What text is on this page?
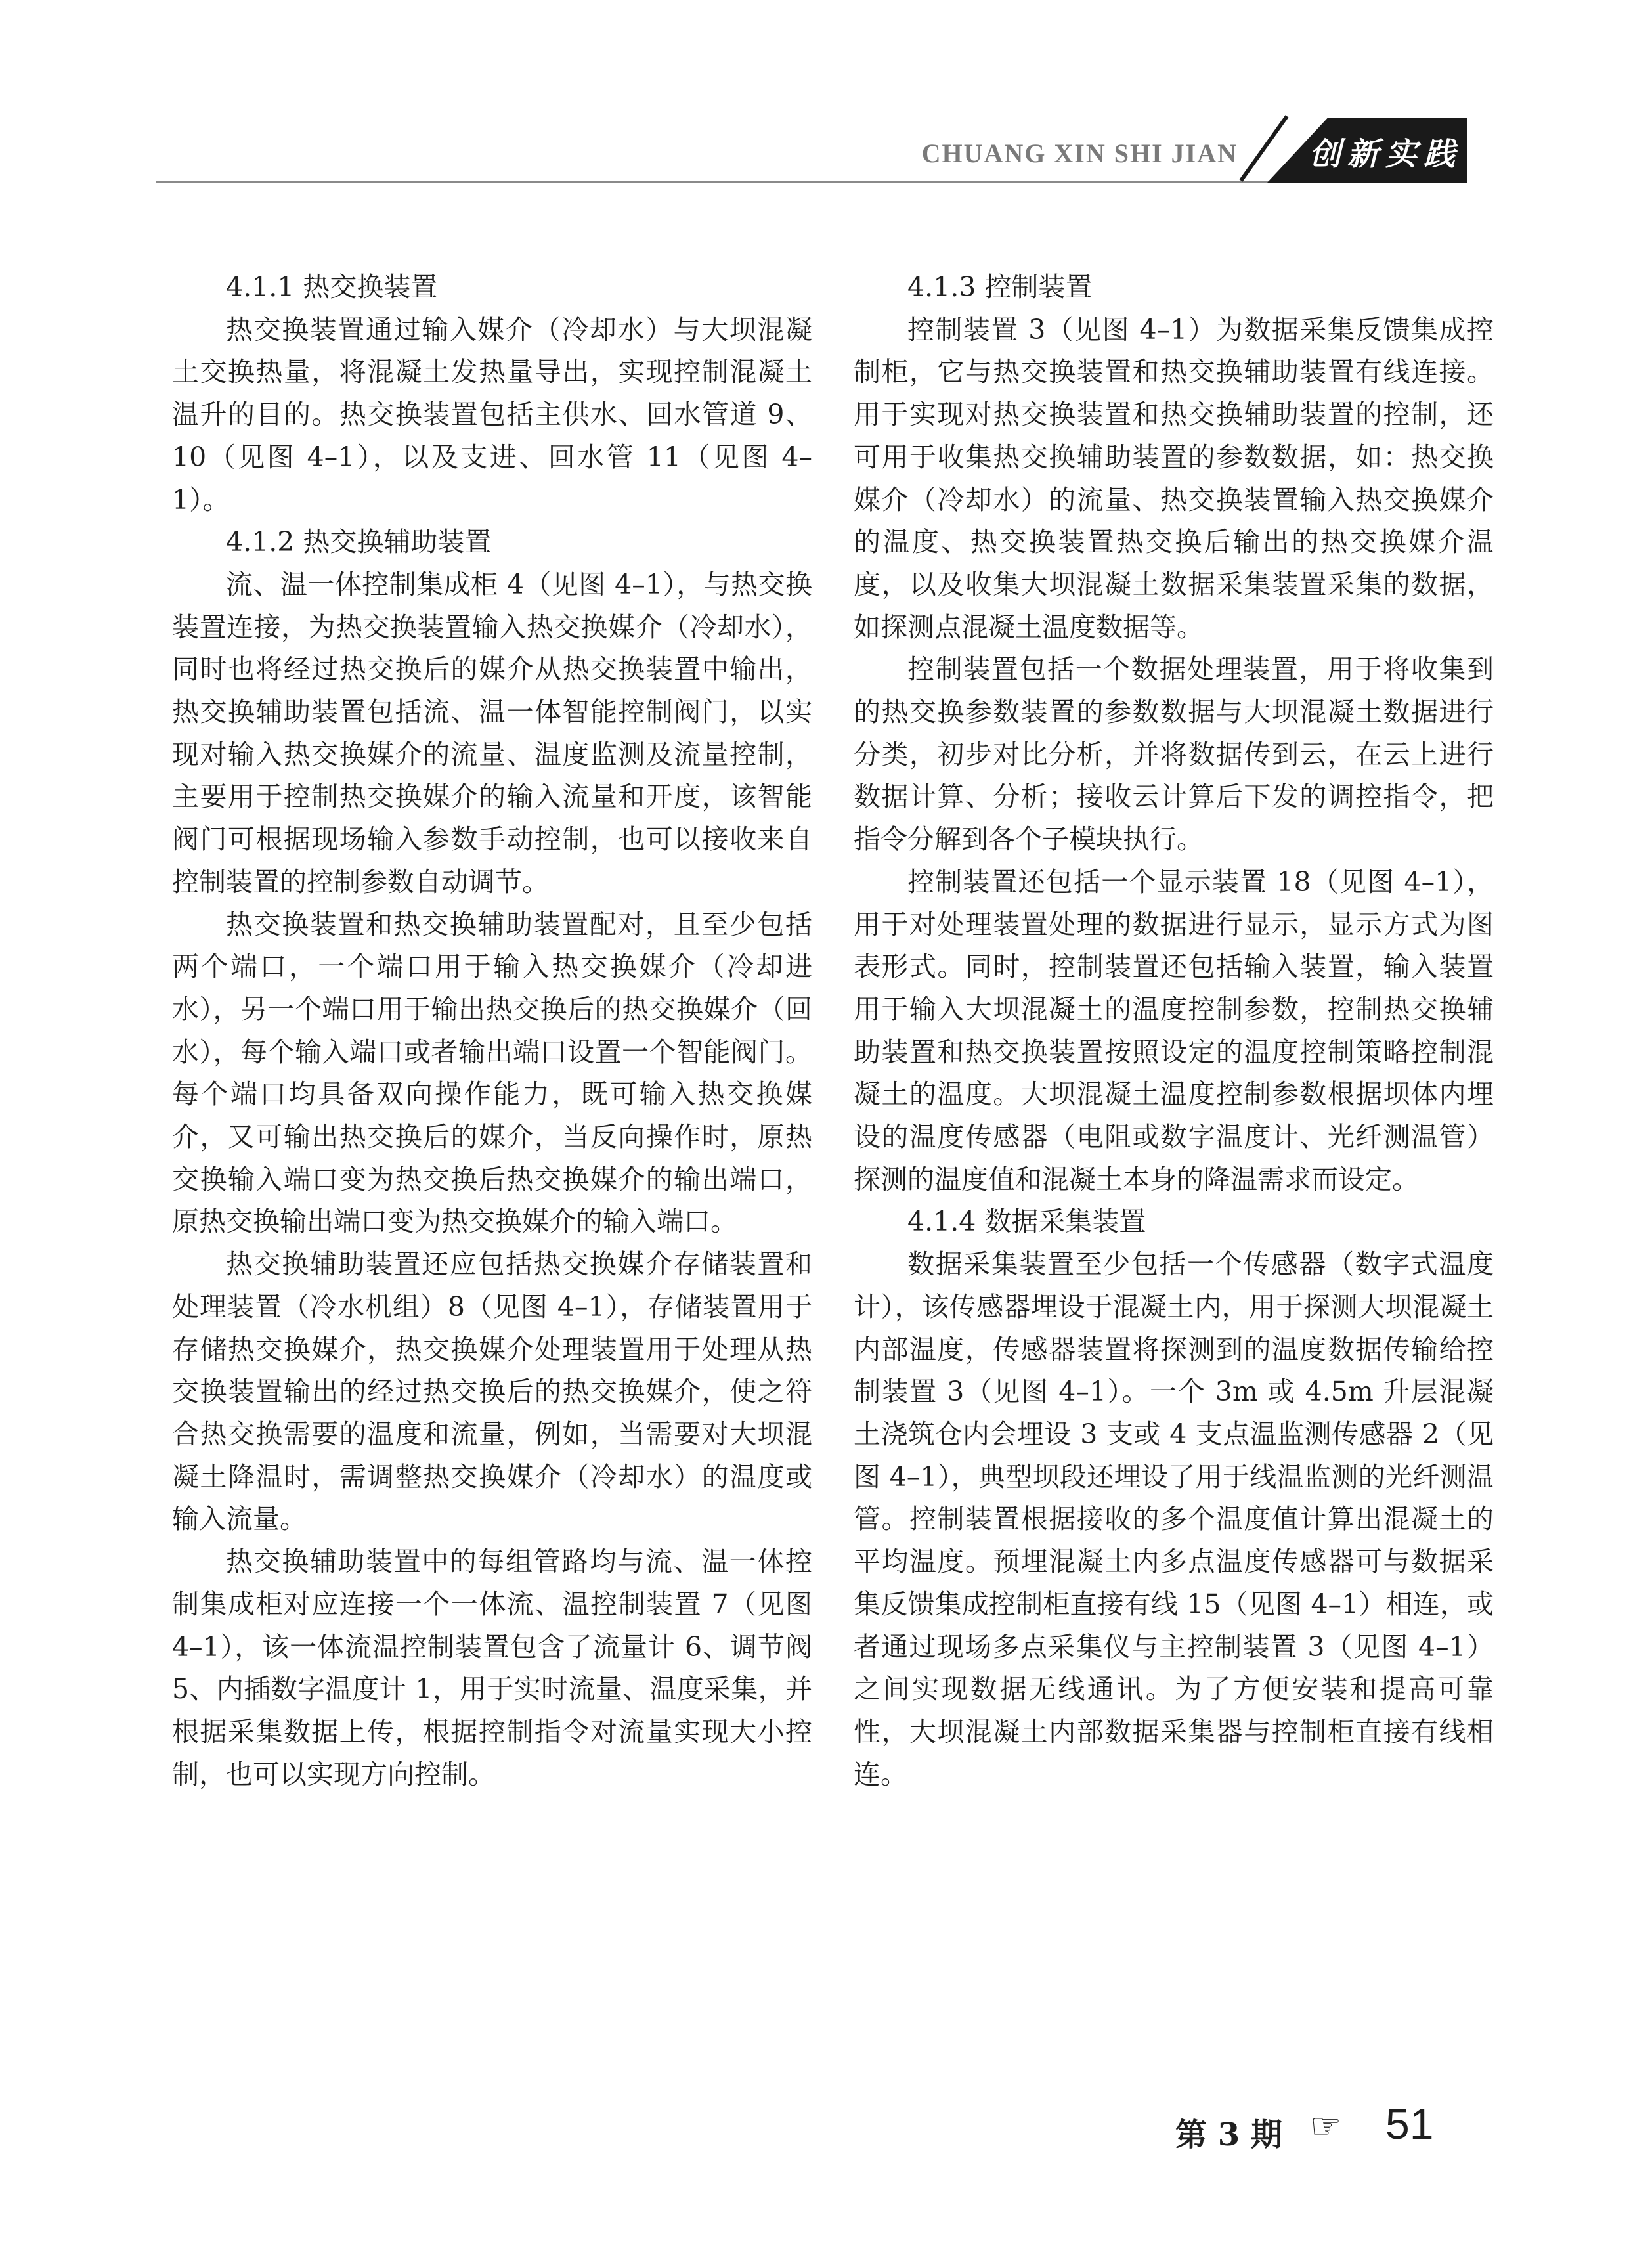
CHUANG XIN SHI JIAN 创新实践
4.1.1 热交换装置

热交换装置通过输入媒介（冷却水）与大坝混凝土交换热量，将混凝土发热量导出，实现控制混凝土温升的目的。热交换装置包括主供水、回水管道 9、10（见图 4–1），以及支进、回水管 11（见图 4–1）。

4.1.2 热交换辅助装置

流、温一体控制集成柜 4（见图 4–1），与热交换装置连接，为热交换装置输入热交换媒介（冷却水），同时也将经过热交换后的媒介从热交换装置中输出，热交换辅助装置包括流、温一体智能控制阀门，以实现对输入热交换媒介的流量、温度监测及流量控制，主要用于控制热交换媒介的输入流量和开度，该智能阀门可根据现场输入参数手动控制，也可以接收来自控制装置的控制参数自动调节。

热交换装置和热交换辅助装置配对，且至少包括两个端口，一个端口用于输入热交换媒介（冷却进水），另一个端口用于输出热交换后的热交换媒介（回水），每个输入端口或者输出端口设置一个智能阀门。每个端口均具备双向操作能力，既可输入热交换媒介，又可输出热交换后的媒介，当反向操作时，原热交换输入端口变为热交换后热交换媒介的输出端口，原热交换输出端口变为热交换媒介的输入端口。

热交换辅助装置还应包括热交换媒介存储装置和处理装置（冷水机组）8（见图 4–1），存储装置用于存储热交换媒介，热交换媒介处理装置用于处理从热交换装置输出的经过热交换后的热交换媒介，使之符合热交换需要的温度和流量，例如，当需要对大坝混凝土降温时，需调整热交换媒介（冷却水）的温度或输入流量。

热交换辅助装置中的每组管路均与流、温一体控制集成柜对应连接一个一体流、温控制装置 7（见图 4–1），该一体流温控制装置包含了流量计 6、调节阀 5、内插数字温度计 1，用于实时流量、温度采集，并根据采集数据上传，根据控制指令对流量实现大小控制，也可以实现方向控制。

4.1.3 控制装置

控制装置 3（见图 4–1）为数据采集反馈集成控制柜，它与热交换装置和热交换辅助装置有线连接。用于实现对热交换装置和热交换辅助装置的控制，还可用于收集热交换辅助装置的参数数据，如：热交换媒介（冷却水）的流量、热交换装置输入热交换媒介的温度、热交换装置热交换后输出的热交换媒介温度，以及收集大坝混凝土数据采集装置采集的数据，如探测点混凝土温度数据等。

控制装置包括一个数据处理装置，用于将收集到的热交换参数装置的参数数据与大坝混凝土数据进行分类，初步对比分析，并将数据传到云，在云上进行数据计算、分析；接收云计算后下发的调控指令，把指令分解到各个子模块执行。

控制装置还包括一个显示装置 18（见图 4–1），用于对处理装置处理的数据进行显示，显示方式为图表形式。同时，控制装置还包括输入装置，输入装置用于输入大坝混凝土的温度控制参数，控制热交换辅助装置和热交换装置按照设定的温度控制策略控制混凝土的温度。大坝混凝土温度控制参数根据坝体内埋设的温度传感器（电阻或数字温度计、光纤测温管）探测的温度值和混凝土本身的降温需求而设定。

4.1.4 数据采集装置

数据采集装置至少包括一个传感器（数字式温度计），该传感器埋设于混凝土内，用于探测大坝混凝土内部温度，传感器装置将探测到的温度数据传输给控制装置 3（见图 4–1）。一个 3m 或 4.5m 升层混凝土浇筑仓内会埋设 3 支或 4 支点温监测传感器 2（见图 4–1），典型坝段还埋设了用于线温监测的光纤测温管。控制装置根据接收的多个温度值计算出混凝土的平均温度。预埋混凝土内多点温度传感器可与数据采集反馈集成控制柜直接有线 15（见图 4–1）相连，或者通过现场多点采集仪与主控制装置 3（见图 4–1）之间实现数据无线通讯。为了方便安装和提高可靠性，大坝混凝土内部数据采集器与控制柜直接有线相连。

第 3 期 ☞ 51
